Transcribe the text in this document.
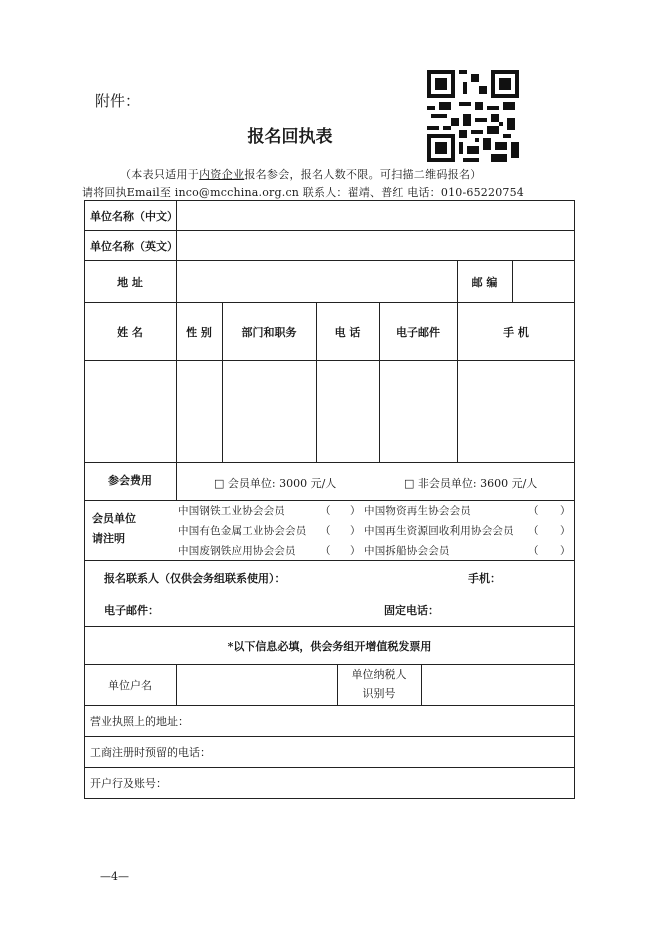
附件：
报名回执表
（本表只适用于内资企业报名参会，报名人数不限。可扫描二维码报名）
请将回执Email至 inco@mcchina.org.cn 联系人：翟靖、普红 电话：010-65220754
单位名称（中文）
单位名称（英文）
地 址	邮 编
姓 名	性 别	部门和职务	电 话	电子邮件	手 机
参会费用	□ 会员单位: 3000 元/人	□ 非会员单位: 3600 元/人
会员单位
请注明
中国钢铁工业协会会员	（ ） 中国物资再生协会会员	（ ）
中国有色金属工业协会会员 （ ） 中国再生资源回收利用协会会员 （ ）
中国废钢铁应用协会会员 （ ） 中国拆船协会会员	（ ）
报名联系人（仅供会务组联系使用）：	手机：
电子邮件：	固定电话：
*以下信息必填，供会务组开增值税发票用
单位户名
单位纳税人
识别号
营业执照上的地址：
工商注册时预留的电话：
开户行及账号：
—4—
